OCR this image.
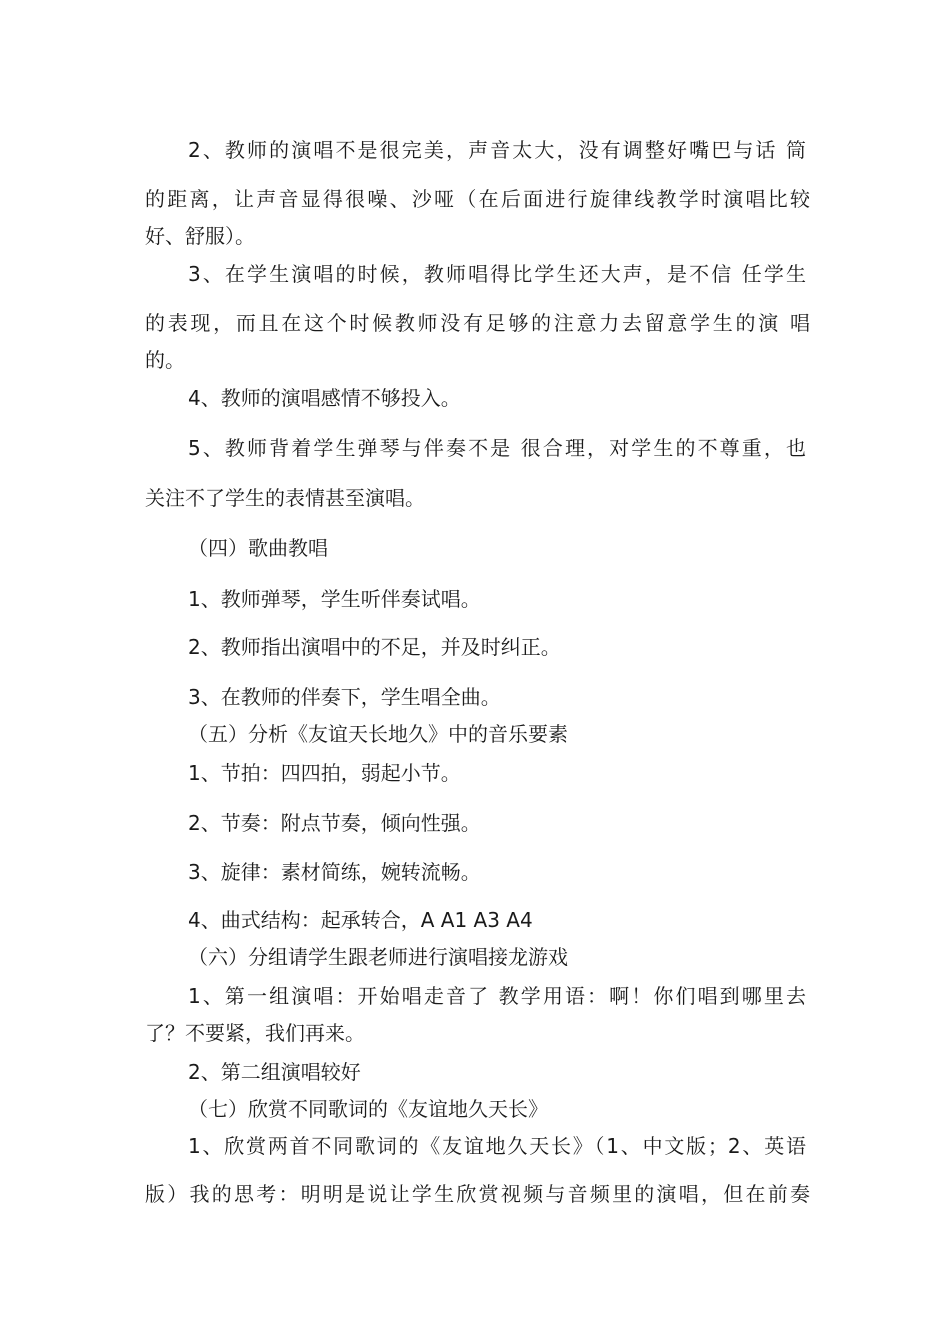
2、教师的演唱不是很完美，声音太大，没有调整好嘴巴与话 筒
的距离，让声音显得很噪、沙哑（在后面进行旋律线教学时演唱比较
好、舒服）。
3、在学生演唱的时候，教师唱得比学生还大声，是不信 任学生
的表现，而且在这个时候教师没有足够的注意力去留意学生的演 唱
的。
4、教师的演唱感情不够投入。
5、教师背着学生弹琴与伴奏不是 很合理，对学生的不尊重，也
关注不了学生的表情甚至演唱。
（四）歌曲教唱
1、教师弹琴，学生听伴奏试唱。
2、教师指出演唱中的不足，并及时纠正。
3、在教师的伴奏下，学生唱全曲。
（五）分析《友谊天长地久》中的音乐要素
1、节拍：四四拍，弱起小节。
2、节奏：附点节奏，倾向性强。
3、旋律：素材简练，婉转流畅。
4、曲式结构：起承转合，A A1 A3 A4
（六）分组请学生跟老师进行演唱接龙游戏
1、第一组演唱：开始唱走音了 教学用语：啊！你们唱到哪里去
了？不要紧，我们再来。
2、第二组演唱较好
（七）欣赏不同歌词的《友谊地久天长》
1、欣赏两首不同歌词的《友谊地久天长》（1、中文版；2、英语
版）我的思考：明明是说让学生欣赏视频与音频里的演唱，但在前奏
